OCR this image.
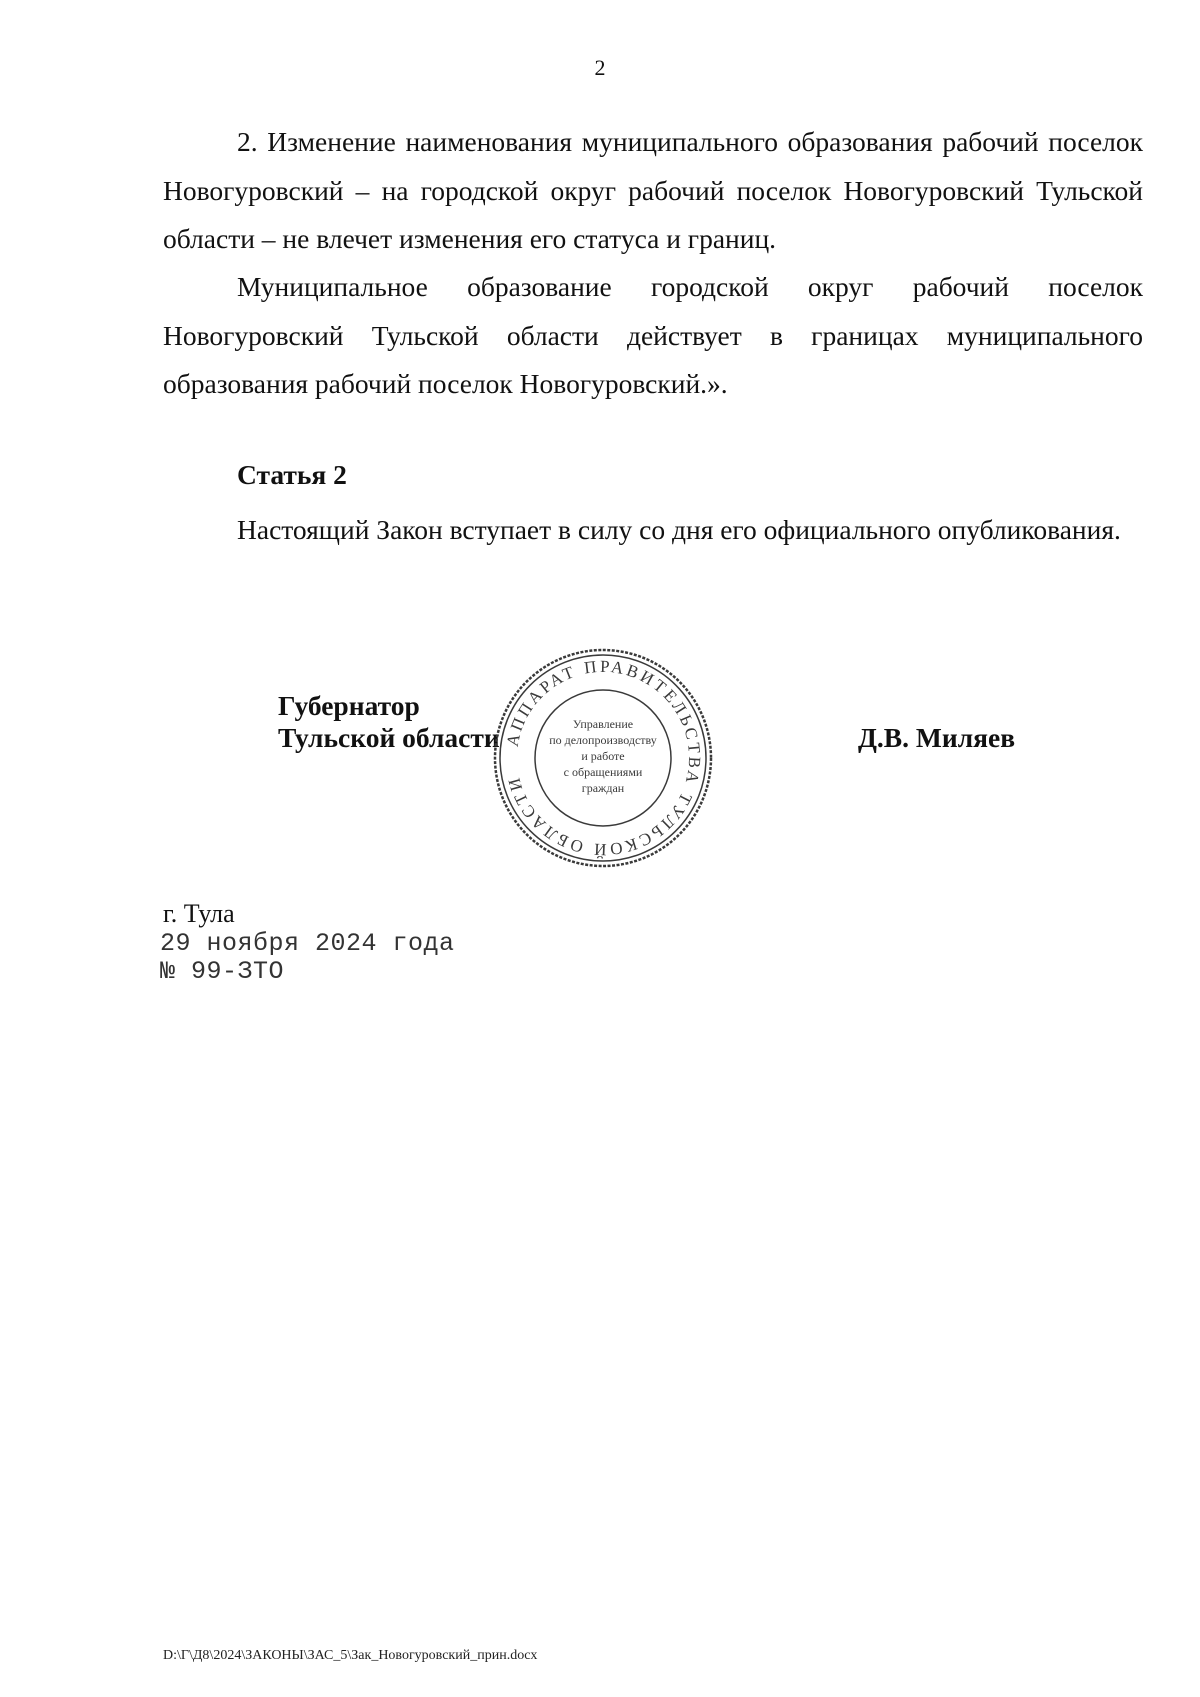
2

2. Изменение наименования муниципального образования рабочий поселок Новогуровский – на городской округ рабочий поселок Новогуровский Тульской области – не влечет изменения его статуса и границ.

Муниципальное образование городской округ рабочий поселок Новогуровский Тульской области действует в границах муниципального образования рабочий поселок Новогуровский.».

Статья 2

Настоящий Закон вступает в силу со дня его официального опубликования.

Губернатор
Тульской области	Д.В. Миляев
АППАРАТ ПРАВИТЕЛЬСТВА ТУЛЬСКОЙ ОБЛАСТИ
Управление
по делопроизводству
и работе
с обращениями
граждан
г. Тула
29 ноября 2024 года
№ 99-ЗТО
D:\Г\Д8\2024\ЗАКОНЫ\ЗАС_5\Зак_Новогуровский_прин.docx
